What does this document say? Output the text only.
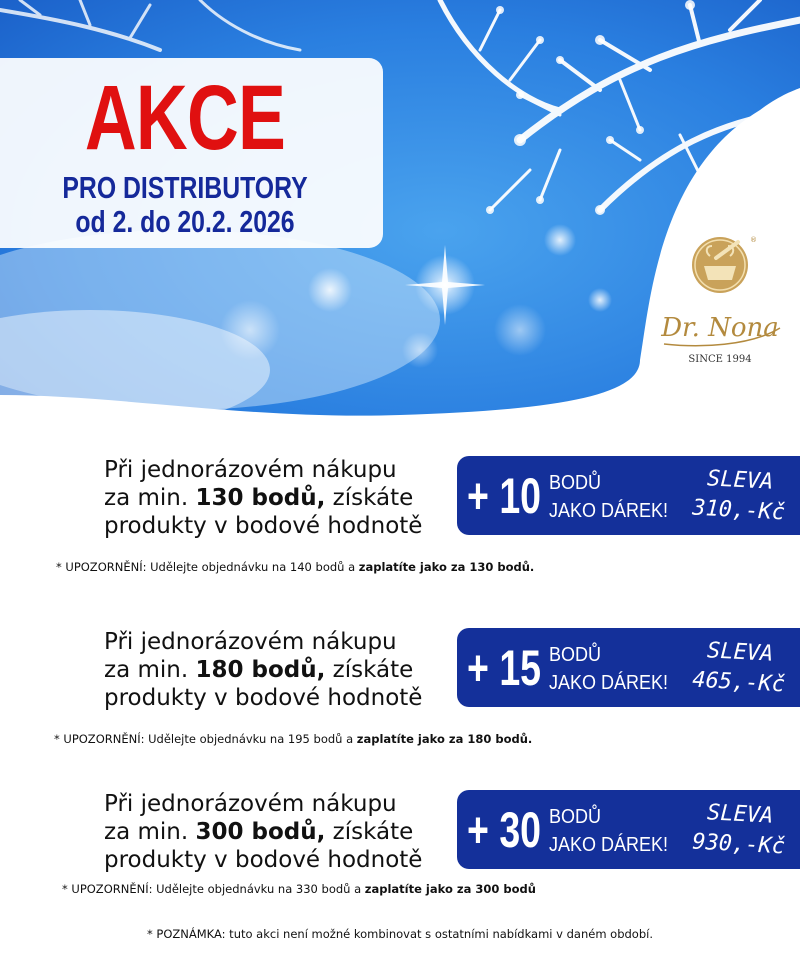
AKCE
PRO DISTRIBUTORY
od 2. do 20.2. 2026
®
Dr. Nona
SINCE 1994
Při jednorázovém nákupu
za min. 130 bodů, získáte
produkty v bodové hodnotě
+ 10 BODŮ
JAKO DÁREK!
SLEVA
310,-Kč
* UPOZORNĚNÍ: Udělejte objednávku na 140 bodů a zaplatíte jako za 130 bodů.
Při jednorázovém nákupu
za min. 180 bodů, získáte
produkty v bodové hodnotě
+ 15 BODŮ
JAKO DÁREK!
SLEVA
465,-Kč
* UPOZORNĚNÍ: Udělejte objednávku na 195 bodů a zaplatíte jako za 180 bodů.
Při jednorázovém nákupu
za min. 300 bodů, získáte
produkty v bodové hodnotě
+ 30 BODŮ
JAKO DÁREK!
SLEVA
930,-Kč
* UPOZORNĚNÍ: Udělejte objednávku na 330 bodů a zaplatíte jako za 300 bodů
* POZNÁMKA: tuto akci není možné kombinovat s ostatními nabídkami v daném období.
